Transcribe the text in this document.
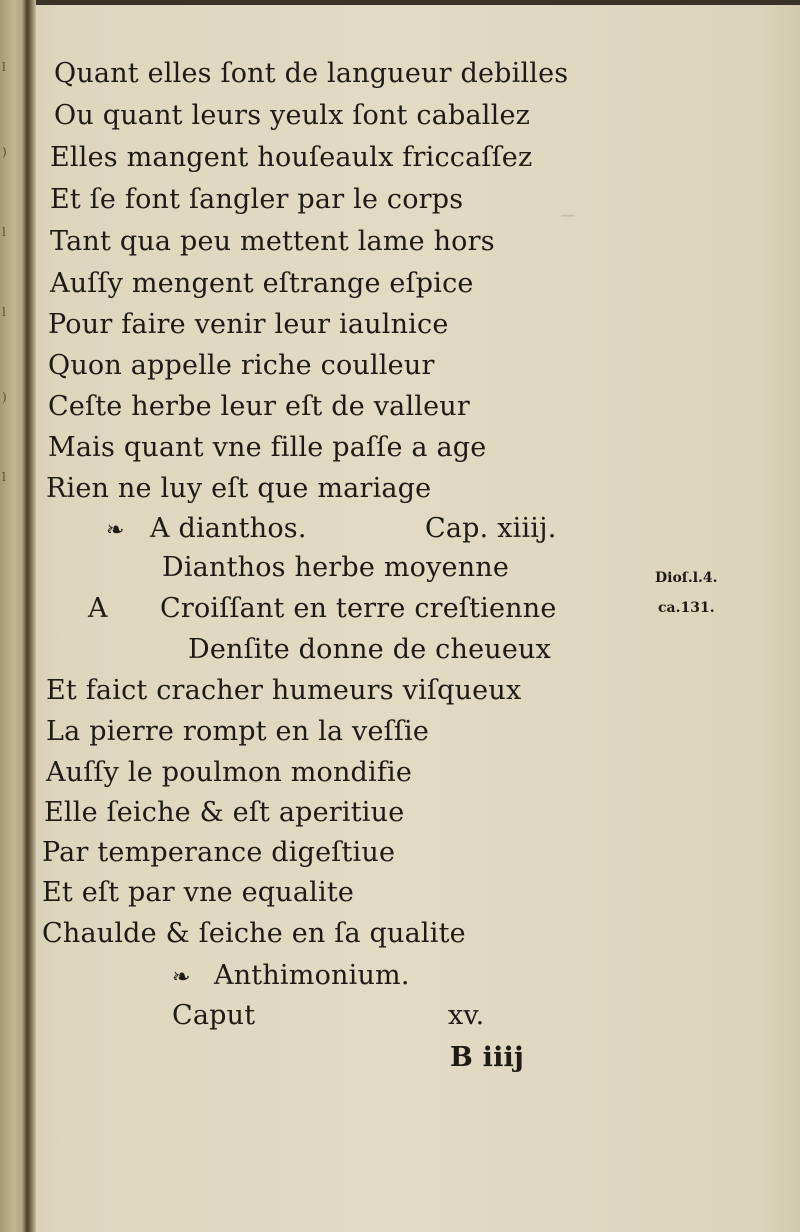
l
)
l
l
)
l
Quant elles ſont de langueur debilles
Ou quant leurs yeulx ſont caballez
Elles mangent houſeaulx friccaſſez
Et ſe font ſangler par le corps
Tant qua peu mettent lame hors
Auſſy mengent eſtrange eſpice
Pour faire venir leur iaulnice
Quon appelle riche coulleur
Ceſte herbe leur eſt de valleur
Mais quant vne fille paſſe a age
Rien ne luy eſt que mariage
❧ A dianthos.	Cap. xiiij.
Dianthos herbe moyenne
A Croiſſant en terre creſtienne
Denſite donne de cheueux
Et faict cracher humeurs viſqueux
La pierre rompt en la veſſie
Auſſy le poulmon mondifie
Elle ſeiche & eſt aperitiue
Par temperance digeſtiue
Et eſt par vne equalite
Chaulde & ſeiche en ſa qualite
Dioſ.l.4.
ca.131.
❧ Anthimonium.
Caput	xv.
B iiij
